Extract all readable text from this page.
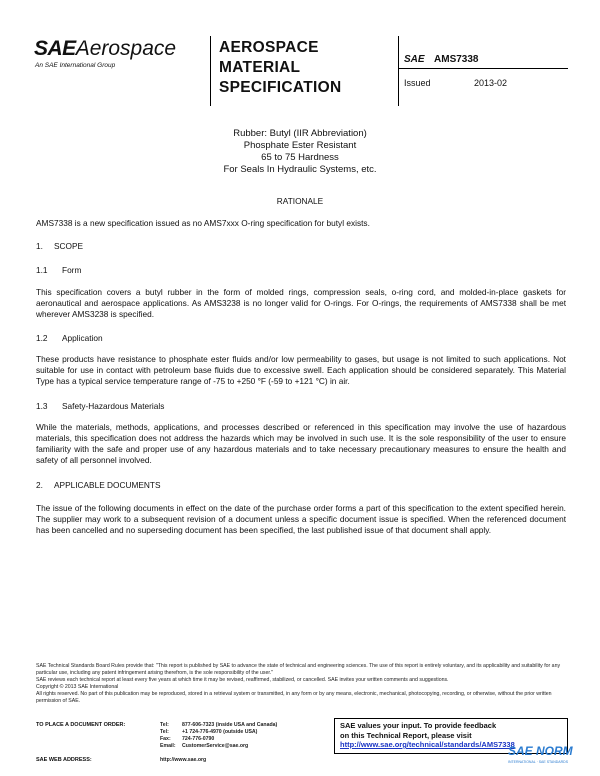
SAEAerospace
An SAE International Group
AEROSPACE
MATERIAL
SPECIFICATION
SAE AMS7338
Issued	2013-02
Rubber: Butyl (IIR Abbreviation)
Phosphate Ester Resistant
65 to 75 Hardness
For Seals In Hydraulic Systems, etc.
RATIONALE
AMS7338 is a new specification issued as no AMS7xxx O-ring specification for butyl exists.
1. SCOPE
1.1 Form
This specification covers a butyl rubber in the form of molded rings, compression seals, o-ring cord, and molded-in-place gaskets for aeronautical and aerospace applications. As AMS3238 is no longer valid for O-rings. For O-rings, the requirements of AMS7338 shall be met wherever AMS3238 is specified.
1.2 Application
These products have resistance to phosphate ester fluids and/or low permeability to gases, but usage is not limited to such applications. Not suitable for use in contact with petroleum base fluids due to excessive swell. Each application should be considered separately. This Material Type has a typical service temperature range of -75 to +250 °F (-59 to +121 °C) in air.
1.3 Safety-Hazardous Materials
While the materials, methods, applications, and processes described or referenced in this specification may involve the use of hazardous materials, this specification does not address the hazards which may be involved in such use. It is the sole responsibility of the user to ensure familiarity with the safe and proper use of any hazardous materials and to take necessary precautionary measures to ensure the health and safety of all personnel involved.
2. APPLICABLE DOCUMENTS
The issue of the following documents in effect on the date of the purchase order forms a part of this specification to the extent specified herein. The supplier may work to a subsequent revision of a document unless a specific document issue is specified. When the referenced document has been cancelled and no superseding document has been specified, the last published issue of that document shall apply.
SAE Technical Standards Board Rules provide that: "This report is published by SAE to advance the state of technical and engineering sciences. The use of this report is entirely voluntary, and its applicability and suitability for any particular use, including any patent infringement arising therefrom, is the sole responsibility of the user."
SAE reviews each technical report at least every five years at which time it may be revised, reaffirmed, stabilized, or cancelled. SAE invites your written comments and suggestions.
Copyright © 2013 SAE International
All rights reserved. No part of this publication may be reproduced, stored in a retrieval system or transmitted, in any form or by any means, electronic, mechanical, photocopying, recording, or otherwise, without the prior written permission of SAE.
TO PLACE A DOCUMENT ORDER:	Tel:	877-606-7323 (inside USA and Canada)
Tel:	+1 724-776-4970 (outside USA)
Fax: 724-776-0790
Email: CustomerService@sae.org
SAE WEB ADDRESS:	http://www.sae.org
SAE values your input. To provide feedback
on this Technical Report, please visit
http://www.sae.org/technical/standards/AMS7338
SAE NORM
INTERNATIONAL · SAE STANDARDS
